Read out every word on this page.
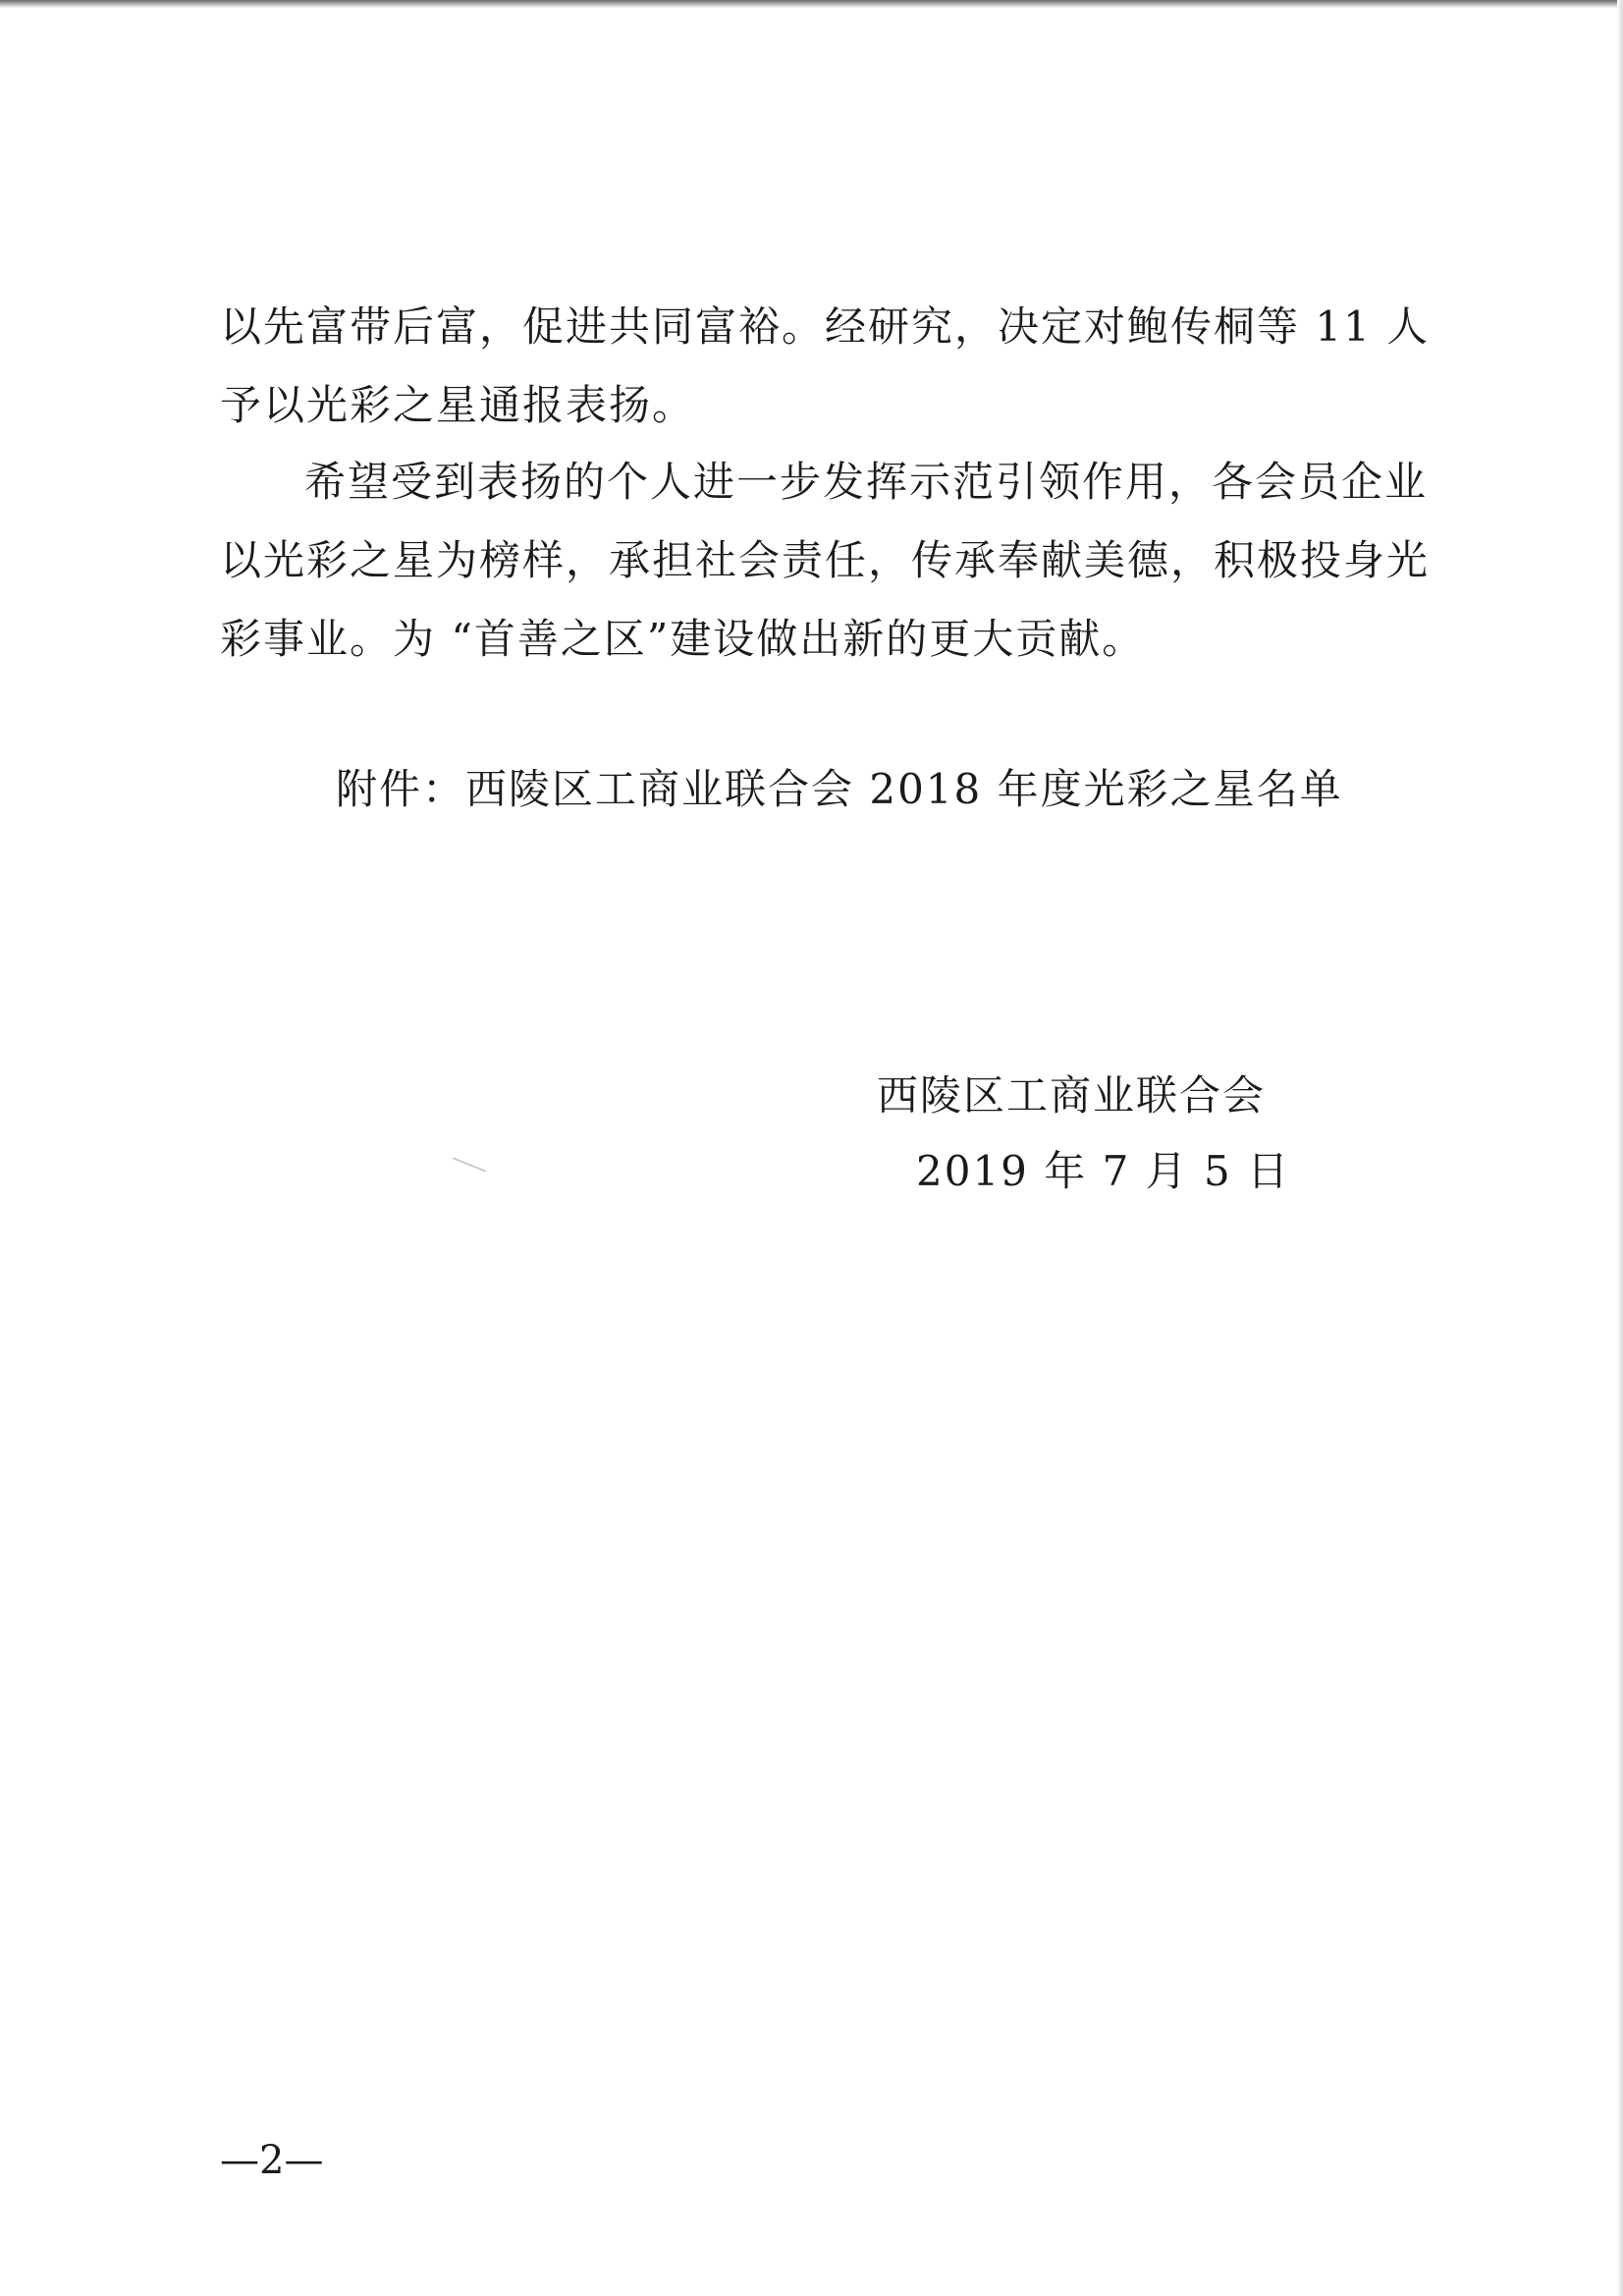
以先富带后富，促进共同富裕。经研究，决定对鲍传桐等 11 人
予以光彩之星通报表扬。
希望受到表扬的个人进一步发挥示范引领作用，各会员企业
以光彩之星为榜样，承担社会责任，传承奉献美德，积极投身光
彩事业。为 “首善之区”建设做出新的更大贡献。
附件：西陵区工商业联合会 2018 年度光彩之星名单
西陵区工商业联合会
2019 年 7 月 5 日
—2—
